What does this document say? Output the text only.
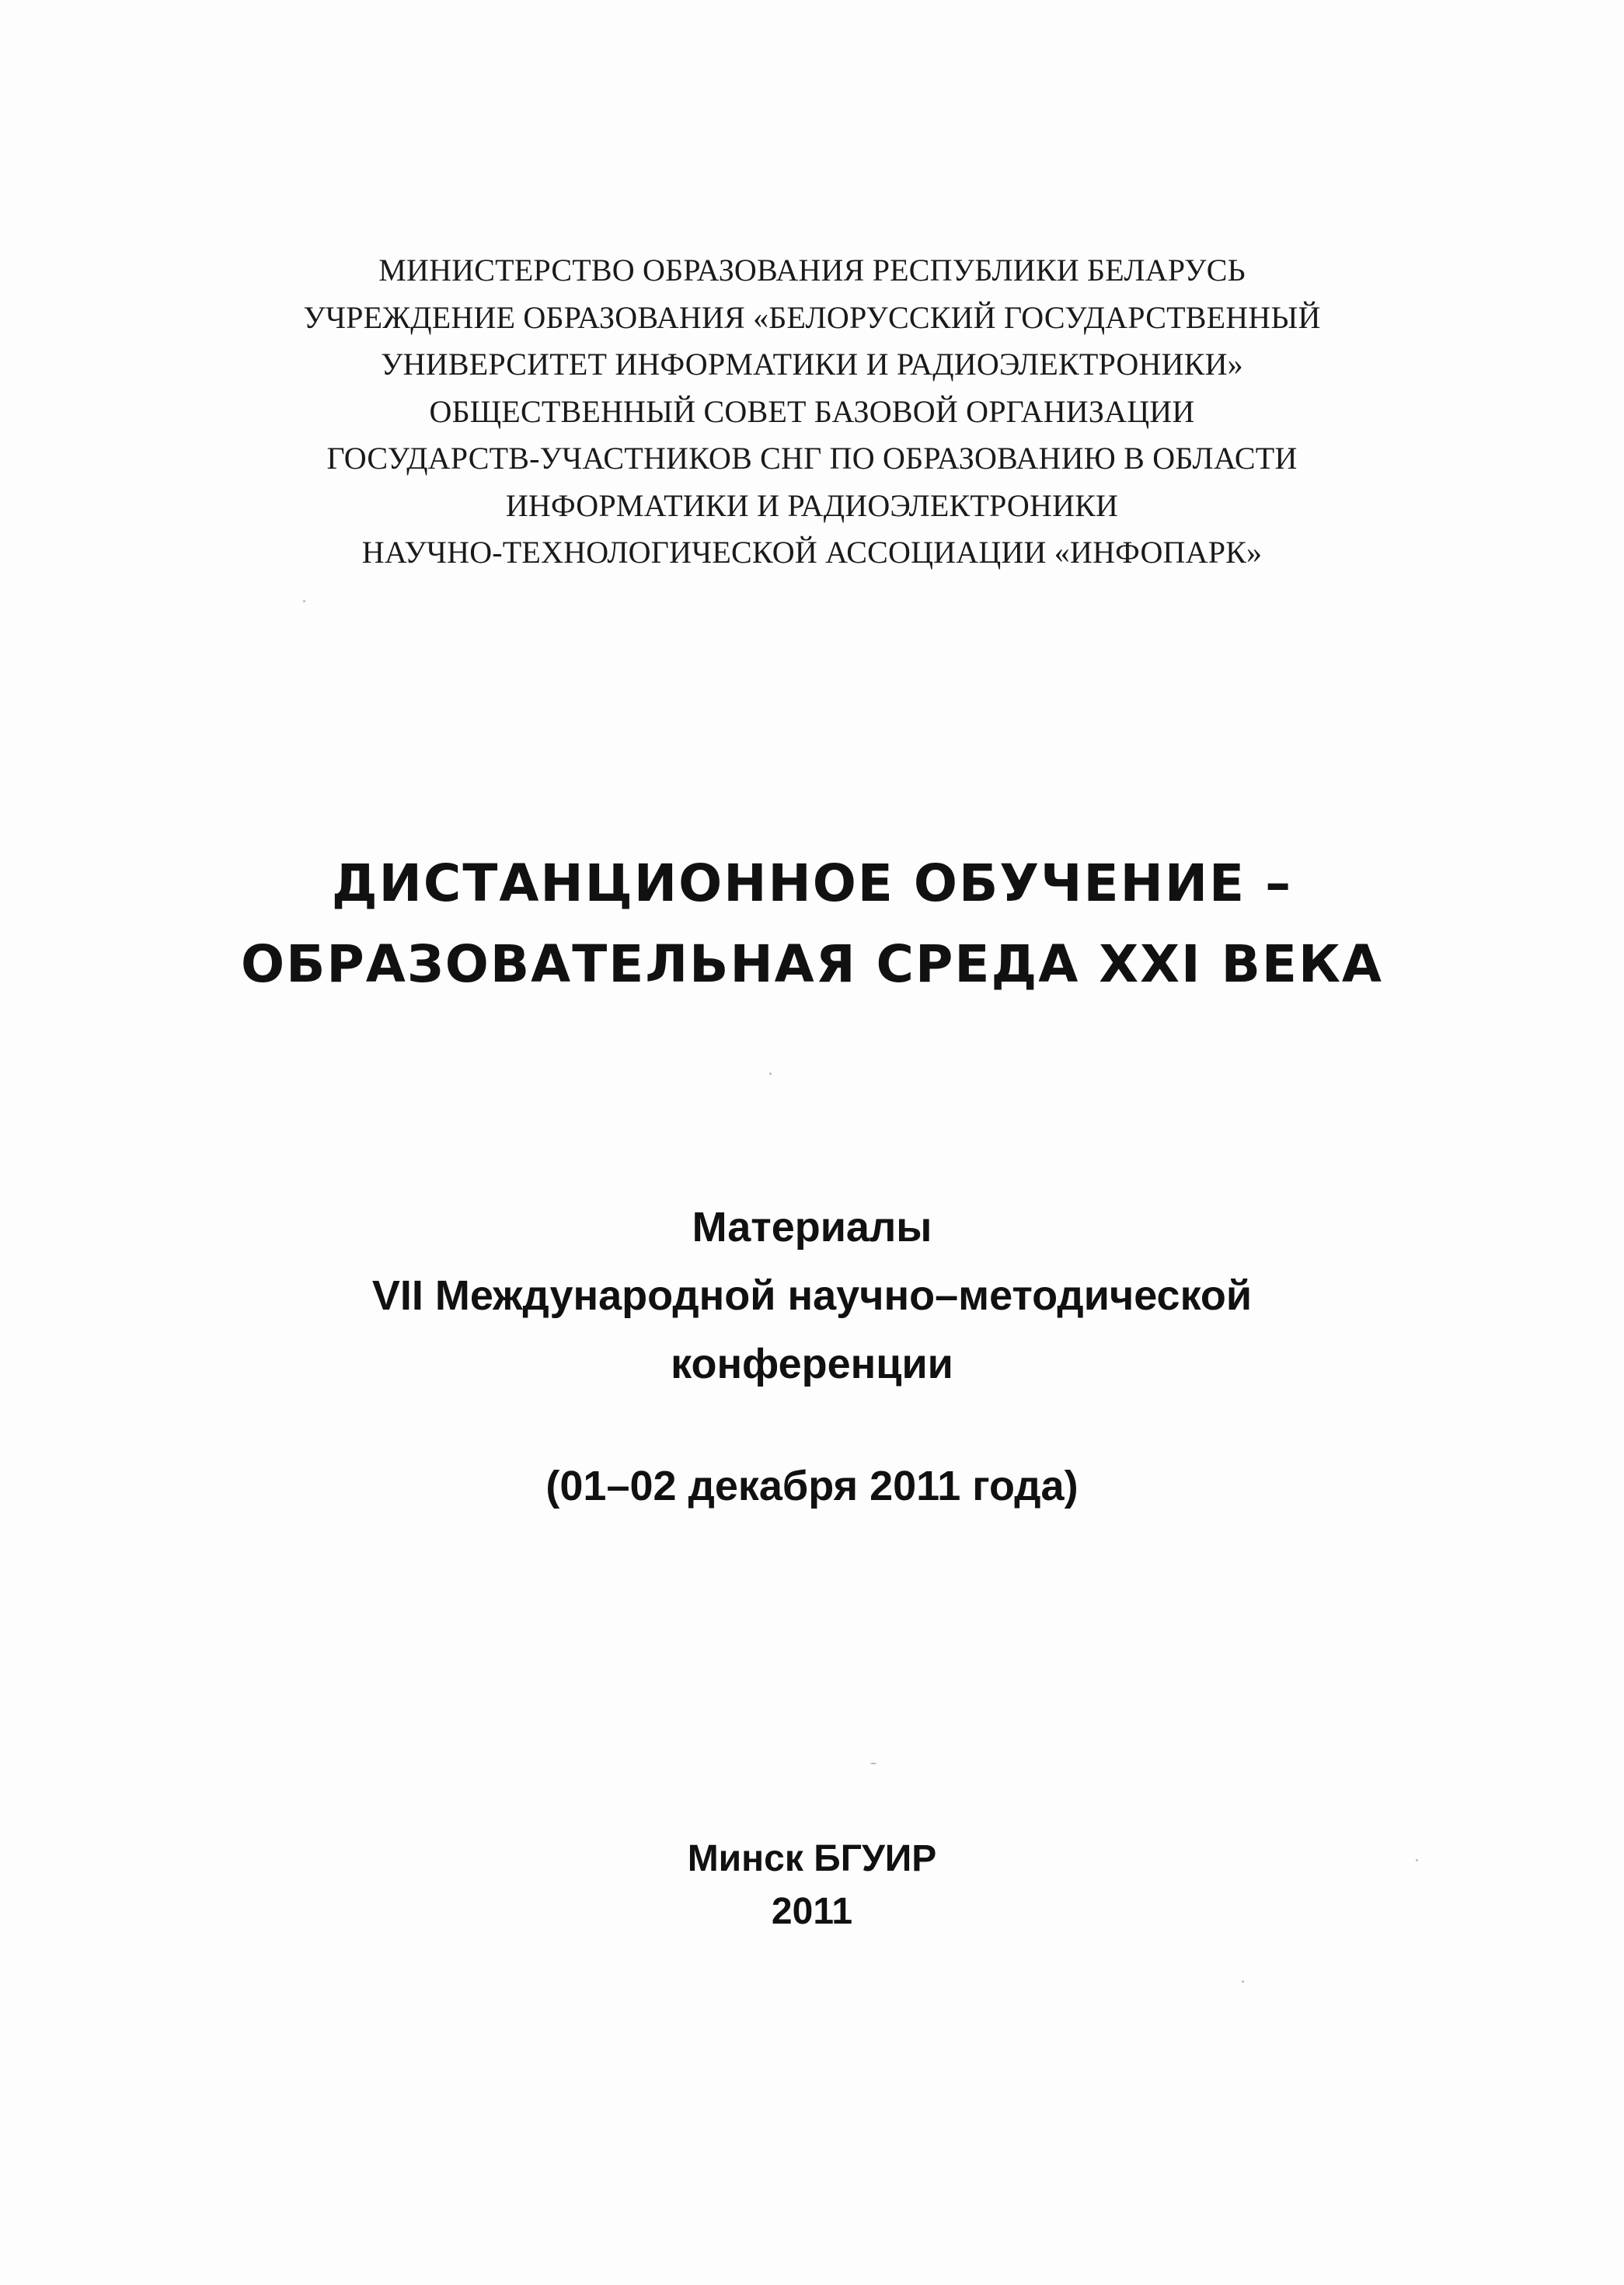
МИНИСТЕРСТВО ОБРАЗОВАНИЯ РЕСПУБЛИКИ БЕЛАРУСЬ
УЧРЕЖДЕНИЕ ОБРАЗОВАНИЯ «БЕЛОРУССКИЙ ГОСУДАРСТВЕННЫЙ
УНИВЕРСИТЕТ ИНФОРМАТИКИ И РАДИОЭЛЕКТРОНИКИ»
ОБЩЕСТВЕННЫЙ СОВЕТ БАЗОВОЙ ОРГАНИЗАЦИИ
ГОСУДАРСТВ-УЧАСТНИКОВ СНГ ПО ОБРАЗОВАНИЮ В ОБЛАСТИ
ИНФОРМАТИКИ И РАДИОЭЛЕКТРОНИКИ
НАУЧНО-ТЕХНОЛОГИЧЕСКОЙ АССОЦИАЦИИ «ИНФОПАРК»
ДИСТАНЦИОННОЕ ОБУЧЕНИЕ –
ОБРАЗОВАТЕЛЬНАЯ СРЕДА XXI ВЕКА
Материалы
VII Международной научно–методической
конференции
(01–02 декабря 2011 года)
Минск БГУИР
2011
